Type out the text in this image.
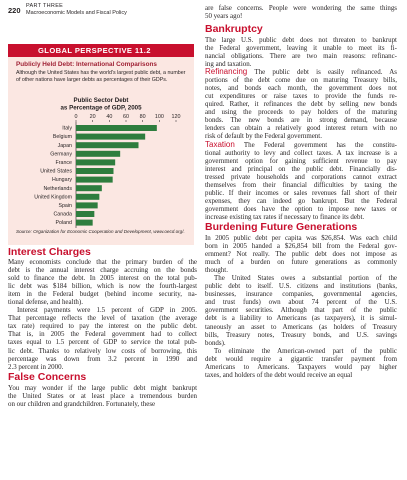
220 PART THREE
Macroeconomic Models and Fiscal Policy
GLOBAL PERSPECTIVE 11.2
Publicly Held Debt: International Comparisons
Although the United States has the world's largest public debt, a number of other nations have larger debts as percentages of their GDPs.
Public Sector Debt
as Percentage of GDP, 2005
0 20 40 60 80 100 120
Italy
Belgium
Japan
Germany
France
United States
Hungary
Netherlands
United Kingdom
Spain
Canada
Poland
Source: Organization for Economic Cooperation and Development, www.oecd.org/.
Interest Charges
Many economists conclude that the primary burden of the
debt is the annual interest charge accruing on the bonds
sold to finance the debt. In 2005 interest on the total pub-
lic debt was $184 billion, which is now the fourth-largest
item in the Federal budget (behind income security, na-
tional defense, and health).
Interest payments were 1.5 percent of GDP in 2005.
That percentage reflects the level of taxation (the average
tax rate) required to pay the interest on the public debt.
That is, in 2005 the Federal government had to collect
taxes equal to 1.5 percent of GDP to service the total pub-
lic debt. Thanks to relatively low costs of borrowing, this
percentage was down from 3.2 percent in 1990 and
2.3 percent in 2000.
False Concerns
You may wonder if the large public debt might bankrupt
the United States or at least place a tremendous burden
on our children and grandchildren. Fortunately, these
are false concerns. People were wondering the same things
50 years ago!
Bankruptcy
The large U.S. public debt does not threaten to bankrupt
the Federal government, leaving it unable to meet its fi-
nancial obligations. There are two main reasons: refinanc-
ing and taxation.
Refinancing The public debt is easily refinanced. As
portions of the debt come due on maturing Treasury bills,
notes, and bonds each month, the government does not
cut expenditures or raise taxes to provide the funds re-
quired. Rather, it refinances the debt by selling new bonds
and using the proceeds to pay holders of the maturing
bonds. The new bonds are in strong demand, because
lenders can obtain a relatively good interest return with no
risk of default by the Federal government.
Taxation The Federal government has the constitu-
tional authority to levy and collect taxes. A tax increase is a
government option for gaining sufficient revenue to pay
interest and principal on the public debt. Financially dis-
tressed private households and corporations cannot extract
themselves from their financial difficulties by taxing the
public. If their incomes or sales revenues fall short of their
expenses, they can indeed go bankrupt. But the Federal
government does have the option to impose new taxes or
increase existing tax rates if necessary to finance its debt.
Burdening Future Generations
In 2005 public debt per capita was $26,854. Was each child
born in 2005 handed a $26,854 bill from the Federal gov-
ernment? Not really. The public debt does not impose as
much of a burden on future generations as commonly
thought.
The United States owes a substantial portion of the
public debt to itself. U.S. citizens and institutions (banks,
businesses, insurance companies, governmental agencies,
and trust funds) own about 74 percent of the U.S.
government securities. Although that part of the public
debt is a liability to Americans (as taxpayers), it is simul-
taneously an asset to Americans (as holders of Treasury
bills, Treasury notes, Treasury bonds, and U.S. savings
bonds).
To eliminate the American-owned part of the public
debt would require a gigantic transfer payment from
Americans to Americans. Taxpayers would pay higher
taxes, and holders of the debt would receive an equal
